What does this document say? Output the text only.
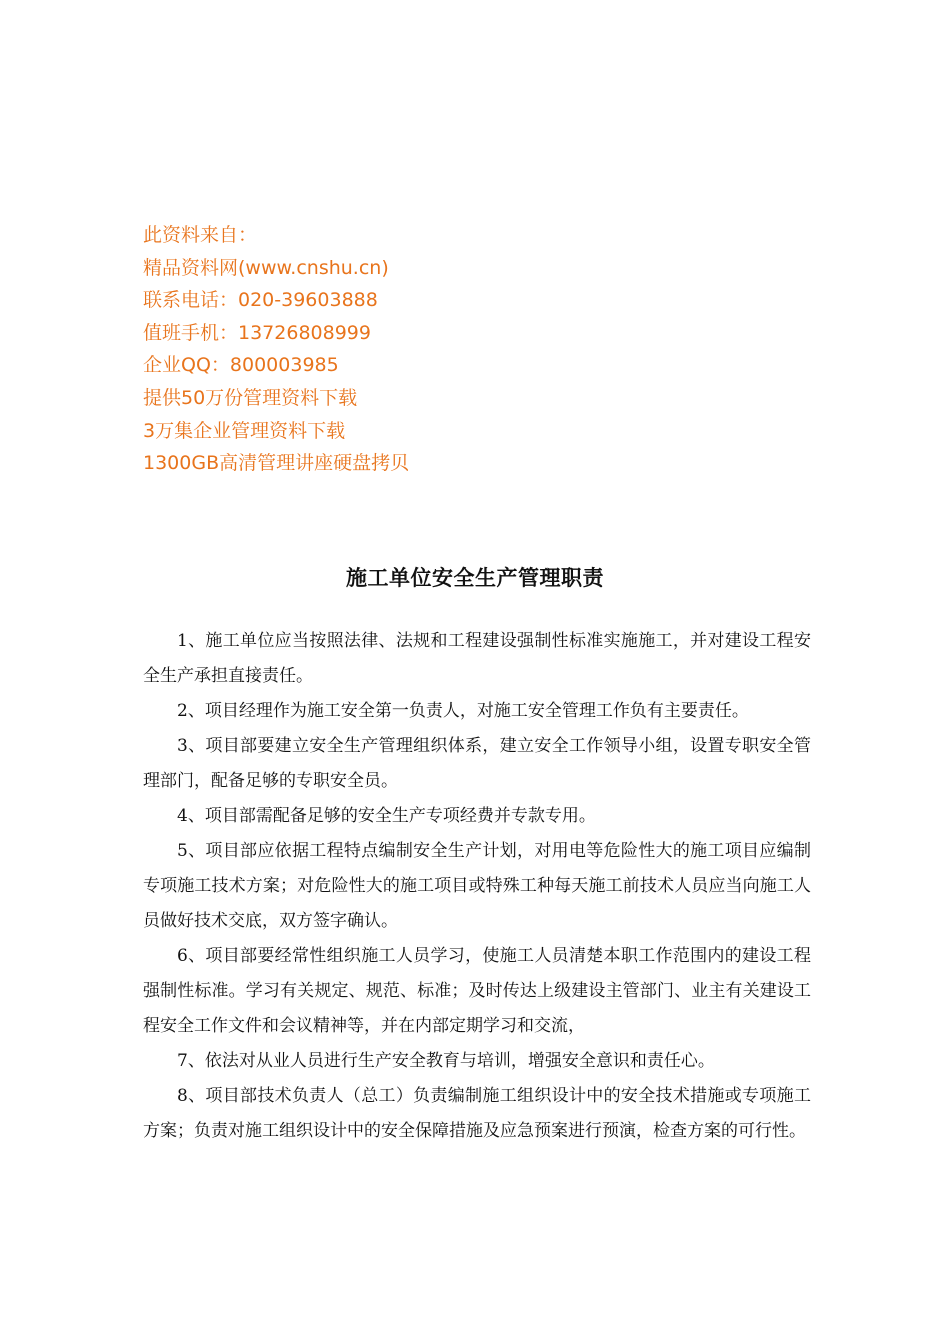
此资料来自：
精品资料网(www.cnshu.cn)
联系电话：020-39603888
值班手机：13726808999
企业QQ：800003985
提供50万份管理资料下载
3万集企业管理资料下载
1300GB高清管理讲座硬盘拷贝
施工单位安全生产管理职责

1、施工单位应当按照法律、法规和工程建设强制性标准实施施工，并对建设工程安全生产承担直接责任。

2、项目经理作为施工安全第一负责人，对施工安全管理工作负有主要责任。

3、项目部要建立安全生产管理组织体系，建立安全工作领导小组，设置专职安全管理部门，配备足够的专职安全员。

4、项目部需配备足够的安全生产专项经费并专款专用。

5、项目部应依据工程特点编制安全生产计划，对用电等危险性大的施工项目应编制专项施工技术方案；对危险性大的施工项目或特殊工种每天施工前技术人员应当向施工人员做好技术交底，双方签字确认。

6、项目部要经常性组织施工人员学习，使施工人员清楚本职工作范围内的建设工程强制性标准。学习有关规定、规范、标准；及时传达上级建设主管部门、业主有关建设工程安全工作文件和会议精神等，并在内部定期学习和交流，

7、依法对从业人员进行生产安全教育与培训，增强安全意识和责任心。

8、项目部技术负责人（总工）负责编制施工组织设计中的安全技术措施或专项施工方案；负责对施工组织设计中的安全保障措施及应急预案进行预演，检查方案的可行性。
